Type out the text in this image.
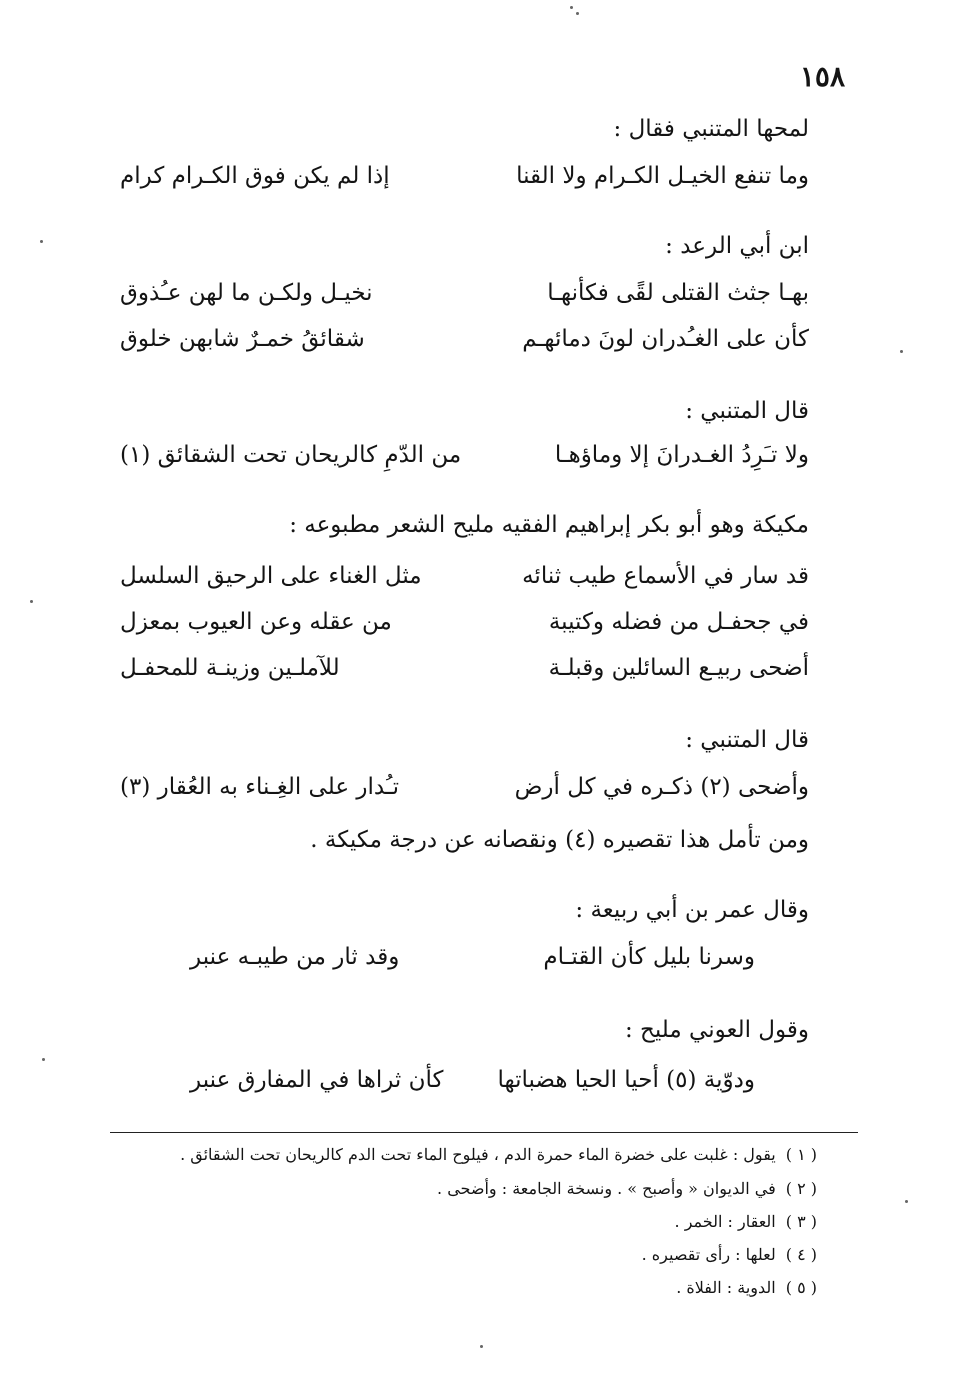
١٥٨
لمحها المتنبي فقال :
وما تنفع الخيـل الكـرام ولا القنا
إذا لم يكن فوق الكـرام كرام
ابن أبي الرعد :
بهـا جثث القتلى لقًى فكأنهـا
نخيـل ولكـن ما لهن عـُذوق
كأن على الغـُدران لونَ دمائهـم
شقائقُ خمـرٌ شابهن خلوق
قال المتنبي :
ولا تـَرِدُ الغـدرانَ إلا وماؤهـا
من الدّمِ كالريحان تحت الشقائق (١)
مكيكة وهو أبو بكر إبراهيم الفقيه مليح الشعر مطبوعه :
قد سار في الأسماع طيب ثنائه
مثل الغناء على الرحيق السلسل
في جحفـل من فضله وكتيبة
من عقله وعن العيوب بمعزل
أضحى ربيـع السائلين وقبلـة
للآملـين وزينـة للمحفـل
قال المتنبي :
وأضحى (٢) ذكـره في كل أرض
تـُدار على الغِـناء به العُقار (٣)
ومن تأمل هذا تقصيره (٤) ونقصانه عن درجة مكيكة .
وقال عمر بن أبي ربيعة :
وسرنا بليل كأن القتـام
وقد ثار من طيبـه عنبر
وقول العوني مليح :
ودوّية (٥) أحيا الحيا هضباتها
كأن ثراها في المفارق عنبر
( ١ )يقول : غلبت على خضرة الماء حمرة الدم ، فيلوح الماء تحت الدم كالريحان تحت الشقائق .
( ٢ )في الديوان « وأصبح » . ونسخة الجامعة : وأضحى .
( ٣ )العقار : الخمر .
( ٤ )لعلها : رأى تقصيره .
( ٥ )الدوية : الفلاة .
